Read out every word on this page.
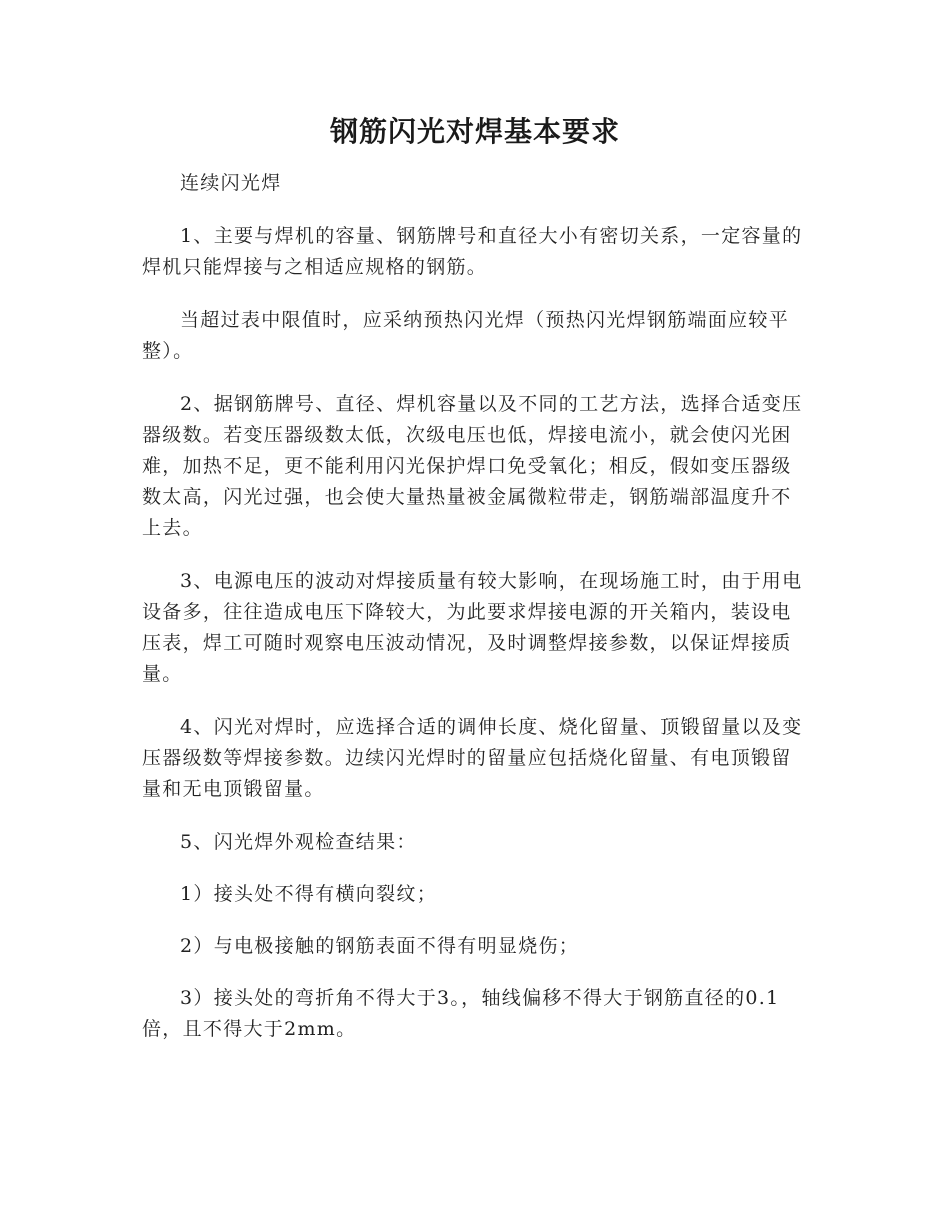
钢筋闪光对焊基本要求

连续闪光焊

1、主要与焊机的容量、钢筋牌号和直径大小有密切关系，一定容量的焊机只能焊接与之相适应规格的钢筋。

当超过表中限值时，应采纳预热闪光焊（预热闪光焊钢筋端面应较平整）。

2、据钢筋牌号、直径、焊机容量以及不同的工艺方法，选择合适变压器级数。若变压器级数太低，次级电压也低，焊接电流小，就会使闪光困难，加热不足，更不能利用闪光保护焊口免受氧化；相反，假如变压器级数太高，闪光过强，也会使大量热量被金属微粒带走，钢筋端部温度升不上去。

3、电源电压的波动对焊接质量有较大影响，在现场施工时，由于用电设备多，往往造成电压下降较大，为此要求焊接电源的开关箱内，装设电压表，焊工可随时观察电压波动情况，及时调整焊接参数，以保证焊接质量。

4、闪光对焊时，应选择合适的调伸长度、烧化留量、顶锻留量以及变压器级数等焊接参数。边续闪光焊时的留量应包括烧化留量、有电顶锻留量和无电顶锻留量。

5、闪光焊外观检查结果：

1）接头处不得有横向裂纹；

2）与电极接触的钢筋表面不得有明显烧伤；

3）接头处的弯折角不得大于3。，轴线偏移不得大于钢筋直径的0.1倍，且不得大于2mm。
